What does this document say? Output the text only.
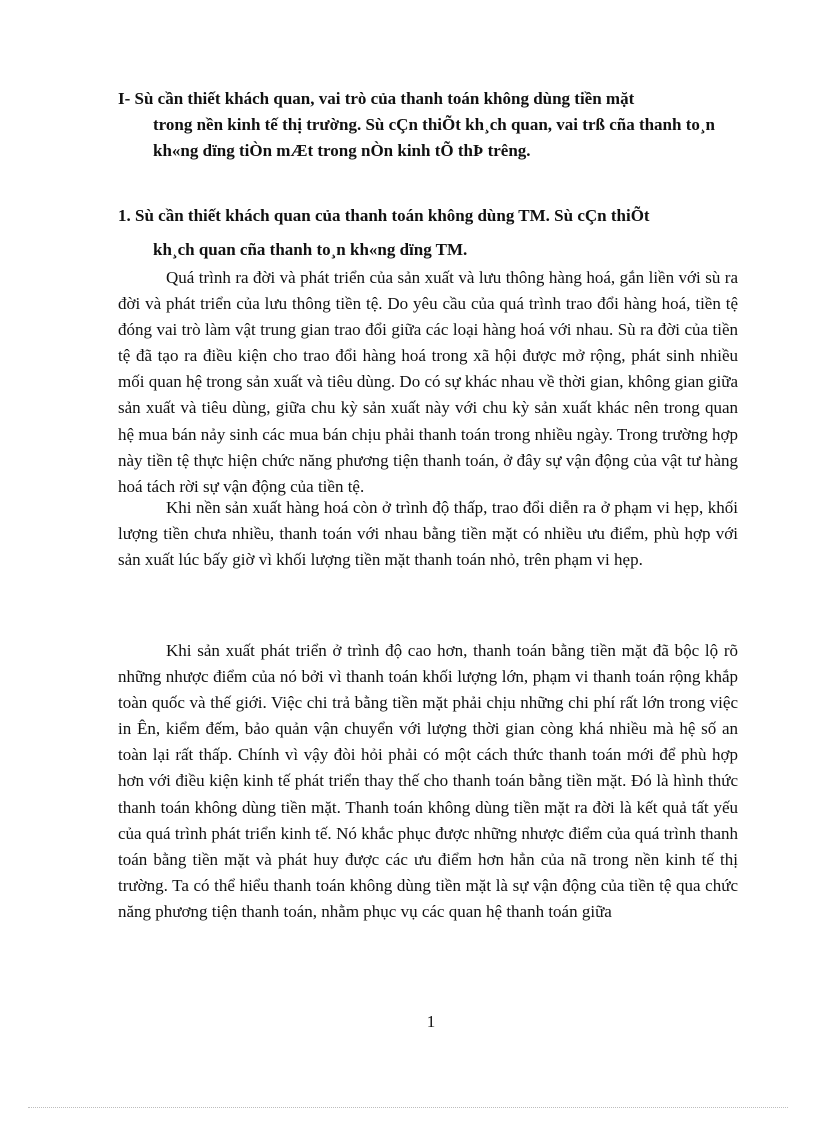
I- Sù cần thiết khách quan, vai trò của thanh toán không dùng tiền mặt
trong nền kinh tế thị trường. Sù cÇn thiÕt kh¸ch quan, vai trß cña thanh to¸n kh«ng dïng tiÒn mÆt trong nÒn kinh tÕ thÞ trêng.
1. Sù cần thiết khách quan của thanh toán không dùng TM. Sù cÇn thiÕt
kh¸ch quan cña thanh to¸n kh«ng dïng TM.

Quá trình ra đời và phát triển của sản xuất và lưu thông hàng hoá, gắn liền với sù ra đời và phát triển của lưu thông tiền tệ. Do yêu cầu của quá trình trao đổi hàng hoá, tiền tệ đóng vai trò làm vật trung gian trao đổi giữa các loại hàng hoá với nhau. Sù ra đời của tiền tệ đã tạo ra điều kiện cho trao đổi hàng hoá trong xã hội được mở rộng, phát sinh nhiều mối quan hệ trong sản xuất và tiêu dùng. Do có sự khác nhau về thời gian, không gian giữa sản xuất và tiêu dùng, giữa chu kỳ sản xuất này với chu kỳ sản xuất khác nên trong quan hệ mua bán nảy sinh các mua bán chịu phải thanh toán trong nhiều ngày. Trong trường hợp này tiền tệ thực hiện chức năng phương tiện thanh toán, ở đây sự vận động của vật tư hàng hoá tách rời sự vận động của tiền tệ.

Khi nền sản xuất hàng hoá còn ở trình độ thấp, trao đổi diễn ra ở phạm vi hẹp, khối lượng tiền chưa nhiều, thanh toán với nhau bằng tiền mặt có nhiều ưu điểm, phù hợp với sản xuất lúc bấy giờ vì khối lượng tiền mặt thanh toán nhỏ, trên phạm vi hẹp.

Khi sản xuất phát triển ở trình độ cao hơn, thanh toán bằng tiền mặt đã bộc lộ rõ những nhược điểm của nó bởi vì thanh toán khối lượng lớn, phạm vi thanh toán rộng khắp toàn quốc và thế giới. Việc chi trả bằng tiền mặt phải chịu những chi phí rất lớn trong việc in Ên, kiểm đếm, bảo quản vận chuyển với lượng thời gian còng khá nhiều mà hệ số an toàn lại rất thấp. Chính vì vậy đòi hỏi phải có một cách thức thanh toán mới để phù hợp hơn với điều kiện kinh tế phát triển thay thế cho thanh toán bằng tiền mặt. Đó là hình thức thanh toán không dùng tiền mặt. Thanh toán không dùng tiền mặt ra đời là kết quả tất yếu của quá trình phát triển kinh tế. Nó khắc phục được những nhược điểm của quá trình thanh toán bằng tiền mặt và phát huy được các ưu điểm hơn hẳn của nã trong nền kinh tế thị trường. Ta có thể hiểu thanh toán không dùng tiền mặt là sự vận động của tiền tệ qua chức năng phương tiện thanh toán, nhằm phục vụ các quan hệ thanh toán giữa

1
